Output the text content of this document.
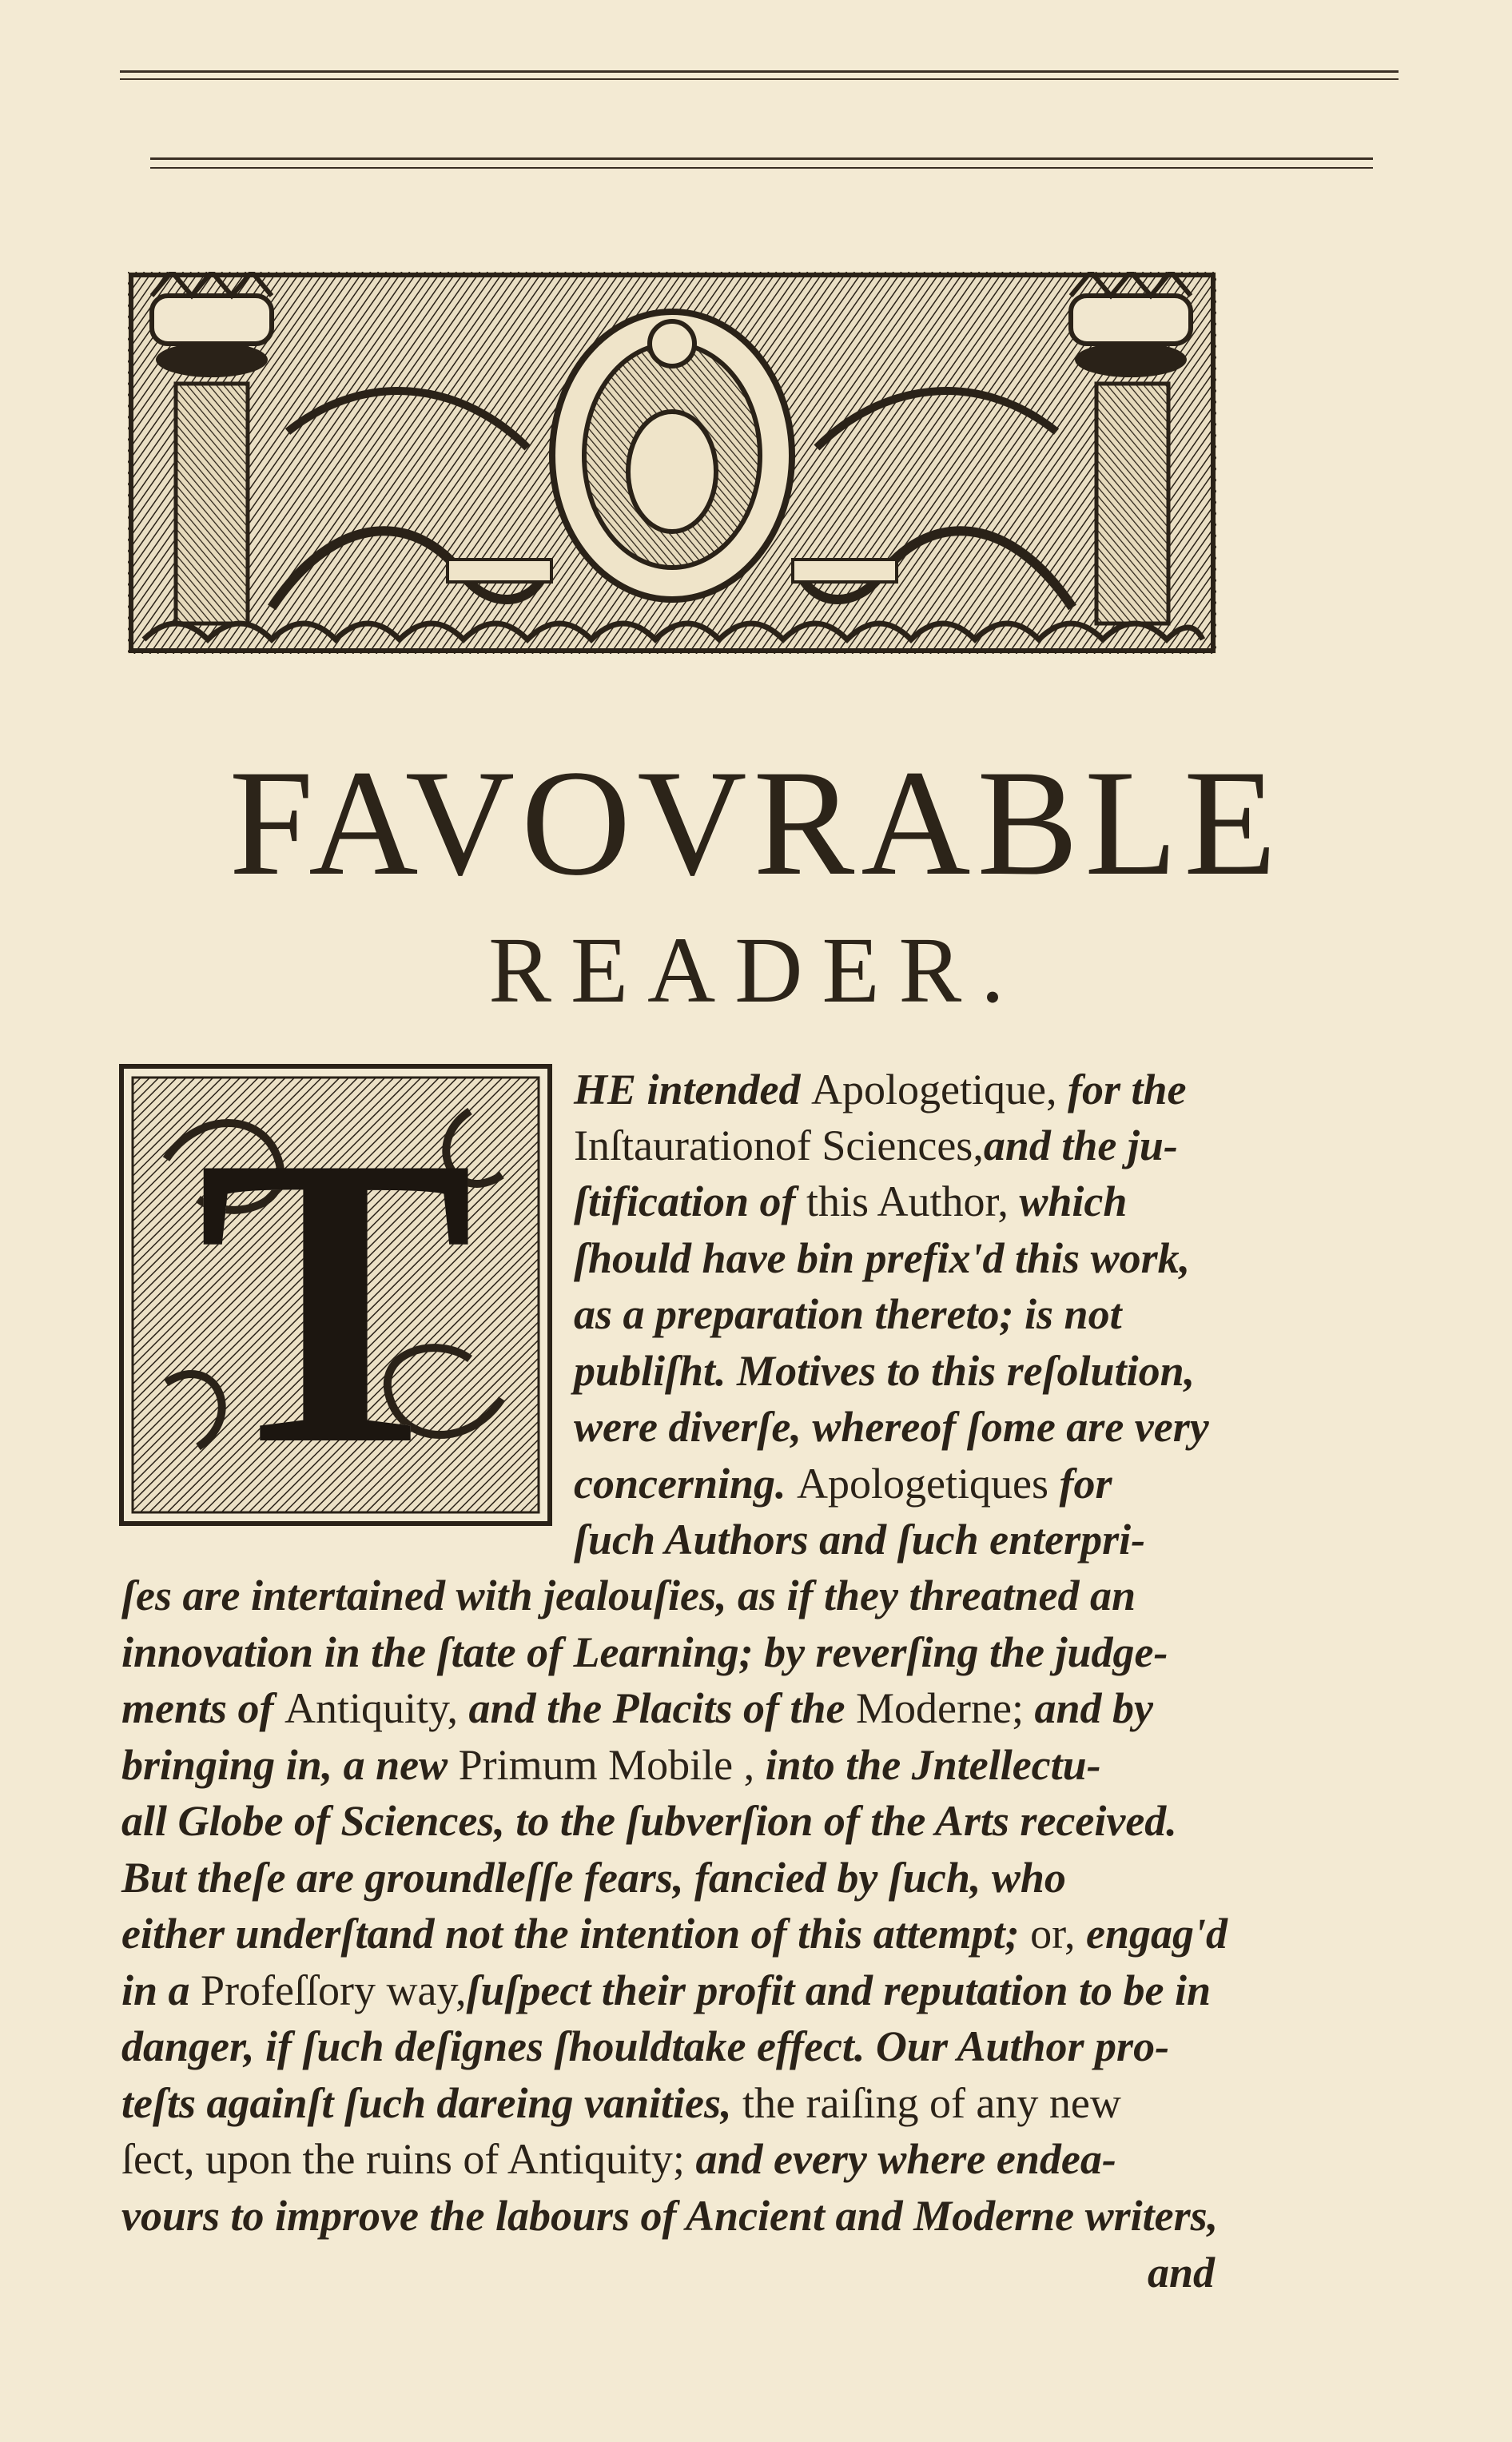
FAVOVRABLE
READER.
T	HE intended Apologetique, for the
Inſtaurationof Sciences,and the ju-
ſtification of this Author, which
ſhould have bin prefix'd this work,
as a preparation thereto; is not
publiſht. Motives to this reſolution,
were diverſe, whereof ſome are very
concerning. Apologetiques for
ſuch Authors and ſuch enterpri-
ſes are intertained with jealouſies, as if they threatned an
innovation in the ſtate of Learning; by reverſing the judge-
ments of Antiquity, and the Placits of the Moderne; and by
bringing in, a new Primum Mobile , into the Jntellectu-
all Globe of Sciences, to the ſubverſion of the Arts received.
But theſe are groundleſſe fears, fancied by ſuch, who
either underſtand not the intention of this attempt; or, engag'd
in a Profeſſory way,ſuſpect their profit and reputation to be in
danger, if ſuch deſignes ſhouldtake effect. Our Author pro-
teſts againſt ſuch dareing vanities, the raiſing of any new
ſect, upon the ruins of Antiquity; and every where endea-
vours to improve the labours of Ancient and Moderne writers,
and
